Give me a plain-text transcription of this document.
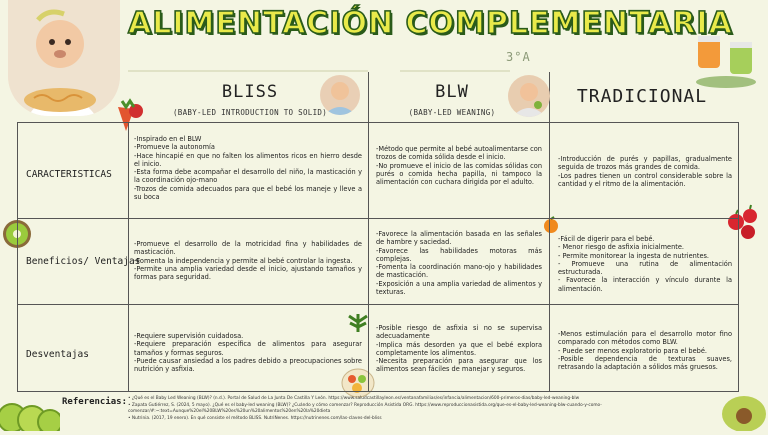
ALIMENTACIÓN COMPLEMENTARIA
3°A
BLISS
(BABY-LED INTRODUCTION TO SOLID)
BLW
(BABY-LED WEANING)
TRADICIONAL
CARACTERISTICAS
-Inspirado en el BLW
-Promueve la autonomía
-Hace hincapié en que no falten los alimentos ricos en hierro desde el inicio.
-Esta forma debe acompañar el desarrollo del niño, la masticación y la coordinación ojo-mano
-Trozos de comida adecuados para que el bebé los maneje y lleve a su boca
-Método que permite al bebé autoalimentarse con trozos de comida sólida desde el inicio.
-No promueve el inicio de las comidas sólidas con purés o comida hecha papilla, ni tampoco la alimentación con cuchara dirigida por el adulto.
-Introducción de purés y papillas, gradualmente seguida de trozos más grandes de comida.
-Los padres tienen un control considerable sobre la cantidad y el ritmo de la alimentación.
Beneficios/ Ventajas
-Promueve el desarrollo de la motricidad fina y habilidades de masticación.
-Fomenta la independencia y permite al bebé controlar la ingesta.
-Permite una amplia variedad desde el inicio, ajustando tamaños y formas para seguridad.
-Favorece la alimentación basada en las señales de hambre y saciedad.
-Favorece las habilidades motoras más complejas.
-Fomenta la coordinación mano-ojo y habilidades de masticación.
-Exposición a una amplia variedad de alimentos y texturas.
-Fácil de digerir para el bebé.
- Menor riesgo de asfixia inicialmente.
- Permite monitorear la ingesta de nutrientes.
- Promueve una rutina de alimentación estructurada.
- Favorece la interacción y vínculo durante la alimentación.
Desventajas
-Requiere supervisión cuidadosa.
-Requiere preparación específica de alimentos para asegurar tamaños y formas seguros.
-Puede causar ansiedad a los padres debido a preocupaciones sobre nutrición y asfixia.
-Posible riesgo de asfixia si no se supervisa adecuadamente
-Implica más desorden ya que el bebé explora completamente los alimentos.
-Necesita preparación para asegurar que los alimentos sean fáciles de manejar y seguros.
-Menos estimulación para el desarrollo motor fino comparado con métodos como BLW.
- Puede ser menos exploratorio para el bebé.
-Posible dependencia de texturas suaves, retrasando la adaptación a sólidos más gruesos.
Referencias: • ¿Qué es el Baby Led Weaning (BLW)? (n.d.). Portal de Salud de La Junta De Castilla Y León. https://www.saludcastillayleon.es/ventanafamilias/es/infancia/alimentacion/600-primeros-dias/baby-led-weaning-blw
• Zapata Gutiérrez, S. (2024, 5 mayo). ¿Qué es el baby-led weaning (BLW)? ¿Cuándo y cómo comenzar? Reproducción Asistida ORG. https://www.reproduccionasistida.org/que-es-el-baby-led-weaning-blw-cuando-y-como-comenzar/#:~:text=Aunque%20el%20BLW%20es%20un%20alimentos%20en%20la%20dieta
• Nutrinia. (2017, 19 enero). En qué consiste el método BLISS. NutriNenes. https://nutrinenes.com/las-claves-del-bliss
